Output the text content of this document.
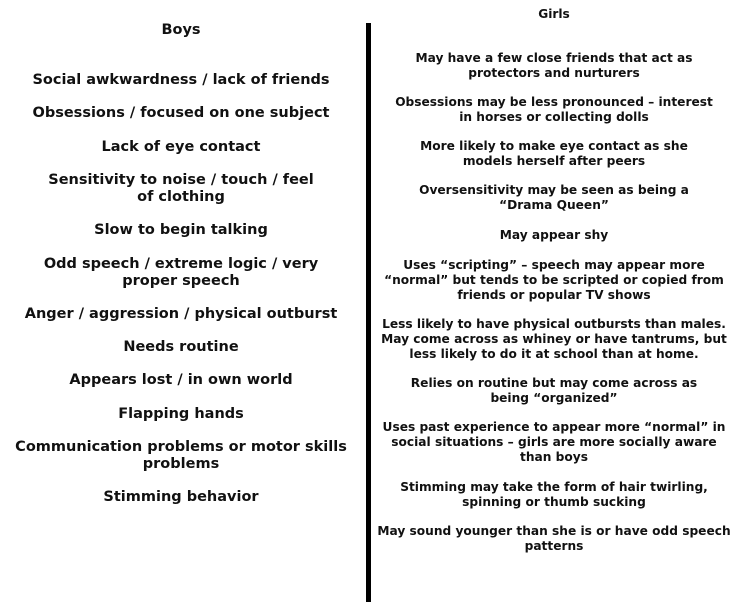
Boys
Social awkwardness / lack of friends
Obsessions / focused on one subject
Lack of eye contact
Sensitivity to noise / touch / feel of clothing
Slow to begin talking
Odd speech / extreme logic / very proper speech
Anger / aggression / physical outburst
Needs routine
Appears lost / in own world
Flapping hands
Communication problems or motor skills problems
Stimming behavior
Girls
May have a few close friends that act as protectors and nurturers
Obsessions may be less pronounced – interest in horses or collecting dolls
More likely to make eye contact as she models herself after peers
Oversensitivity may be seen as being a “Drama Queen”
May appear shy
Uses “scripting” – speech may appear more “normal” but tends to be scripted or copied from friends or popular TV shows
Less likely to have physical outbursts than males. May come across as whiney or have tantrums, but less likely to do it at school than at home.
Relies on routine but may come across as being “organized”
Uses past experience to appear more “normal” in social situations – girls are more socially aware than boys
Stimming may take the form of hair twirling, spinning or thumb sucking
May sound younger than she is or have odd speech patterns
